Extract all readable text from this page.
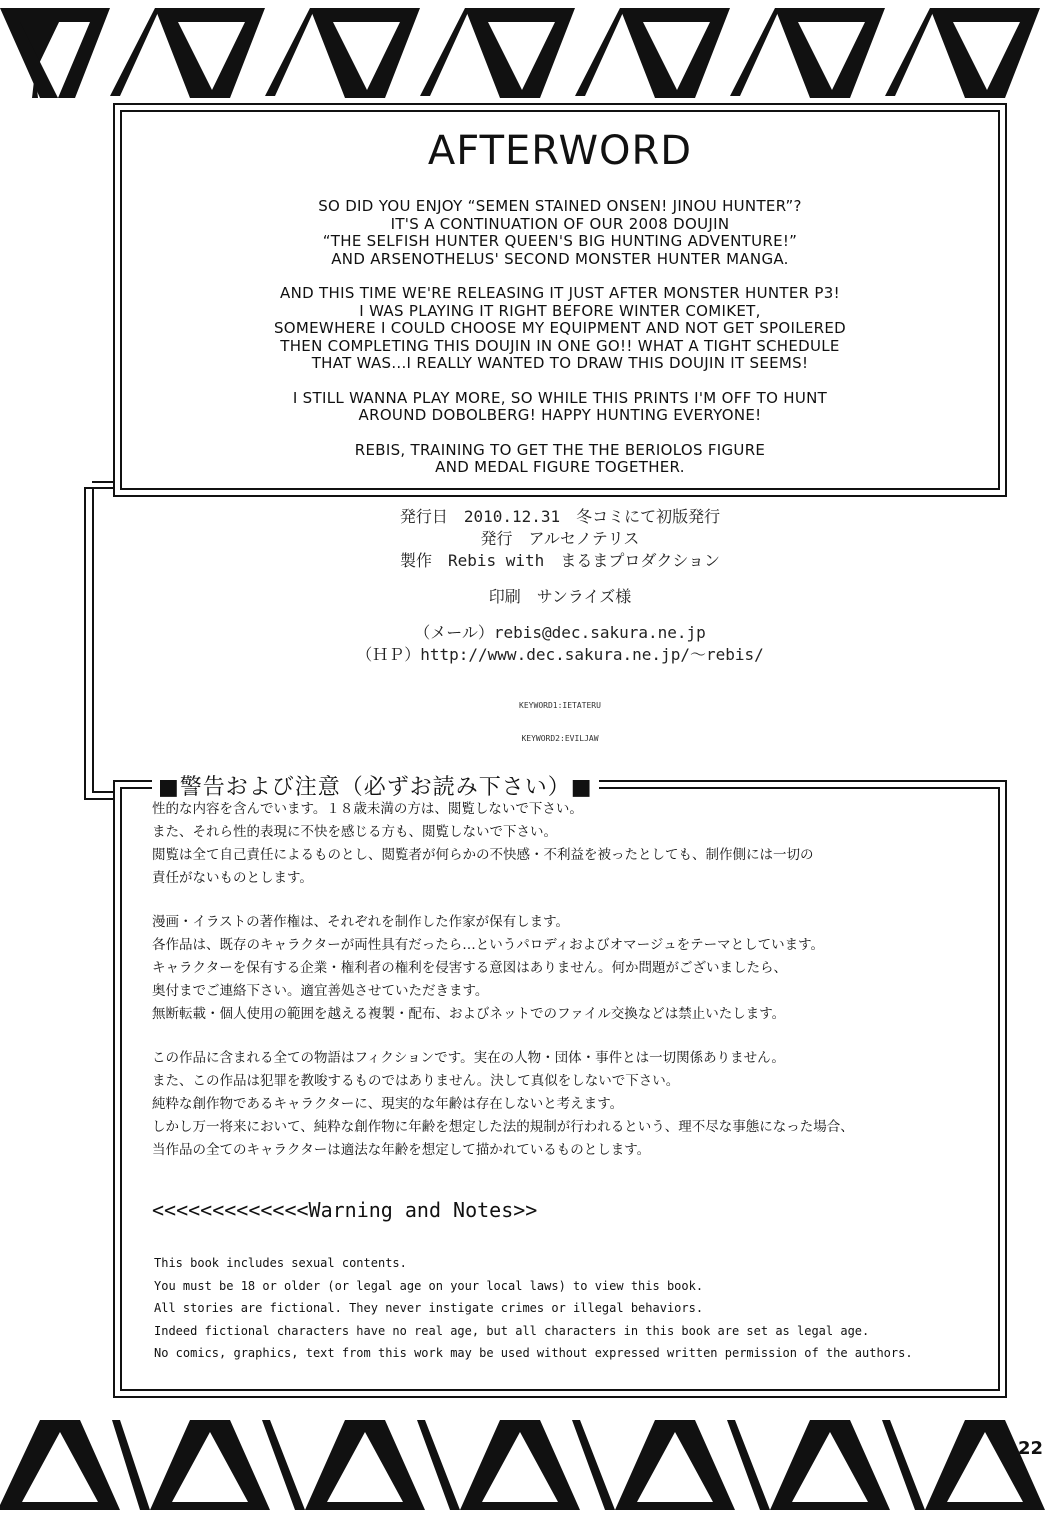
AFTERWORD

SO DID YOU ENJOY “SEMEN STAINED ONSEN! JINOU HUNTER”?
IT'S A CONTINUATION OF OUR 2008 DOUJIN
“THE SELFISH HUNTER QUEEN'S BIG HUNTING ADVENTURE!”
AND ARSENOTHELUS' SECOND MONSTER HUNTER MANGA.

AND THIS TIME WE'RE RELEASING IT JUST AFTER MONSTER HUNTER P3!
I WAS PLAYING IT RIGHT BEFORE WINTER COMIKET,
SOMEWHERE I COULD CHOOSE MY EQUIPMENT AND NOT GET SPOILERED
THEN COMPLETING THIS DOUJIN IN ONE GO!! WHAT A TIGHT SCHEDULE
THAT WAS...I REALLY WANTED TO DRAW THIS DOUJIN IT SEEMS!

I STILL WANNA PLAY MORE, SO WHILE THIS PRINTS I'M OFF TO HUNT
AROUND DOBOLBERG! HAPPY HUNTING EVERYONE!

REBIS, TRAINING TO GET THE THE BERIOLOS FIGURE
AND MEDAL FIGURE TOGETHER.

発行日　2010.12.31　冬コミにて初版発行
発行　アルセノテリス
製作　Rebis with　まるまプロダクション
印刷　サンライズ様
（メール）rebis@dec.sakura.ne.jp
（ＨＰ）http://www.dec.sakura.ne.jp/～rebis/

KEYWORD1:IETATERU

KEYWORD2:EVILJAW

■警告および注意（必ずお読み下さい）■

性的な内容を含んでいます。１８歳未満の方は、閲覧しないで下さい。
また、それら性的表現に不快を感じる方も、閲覧しないで下さい。
閲覧は全て自己責任によるものとし、閲覧者が何らかの不快感・不利益を被ったとしても、制作側には一切の
責任がないものとします。

漫画・イラストの著作権は、それぞれを制作した作家が保有します。
各作品は、既存のキャラクターが両性具有だったら…というパロディおよびオマージュをテーマとしています。
キャラクターを保有する企業・権利者の権利を侵害する意図はありません。何か問題がございましたら、
奥付までご連絡下さい。適宜善処させていただきます。
無断転載・個人使用の範囲を越える複製・配布、およびネットでのファイル交換などは禁止いたします。

この作品に含まれる全ての物語はフィクションです。実在の人物・団体・事件とは一切関係ありません。
また、この作品は犯罪を教唆するものではありません。決して真似をしないで下さい。
純粋な創作物であるキャラクターに、現実的な年齢は存在しないと考えます。
しかし万一将来において、純粋な創作物に年齢を想定した法的規制が行われるという、理不尽な事態になった場合、
当作品の全てのキャラクターは適法な年齢を想定して描かれているものとします。

<<<<<<<<<<<<<Warning and Notes>>
This book includes sexual contents.
You must be 18 or older (or legal age on your local laws) to view this book.
All stories are fictional. They never instigate crimes or illegal behaviors.
Indeed fictional characters have no real age, but all characters in this book are set as legal age.
No comics, graphics, text from this work may be used without expressed written permission of the authors.
22
